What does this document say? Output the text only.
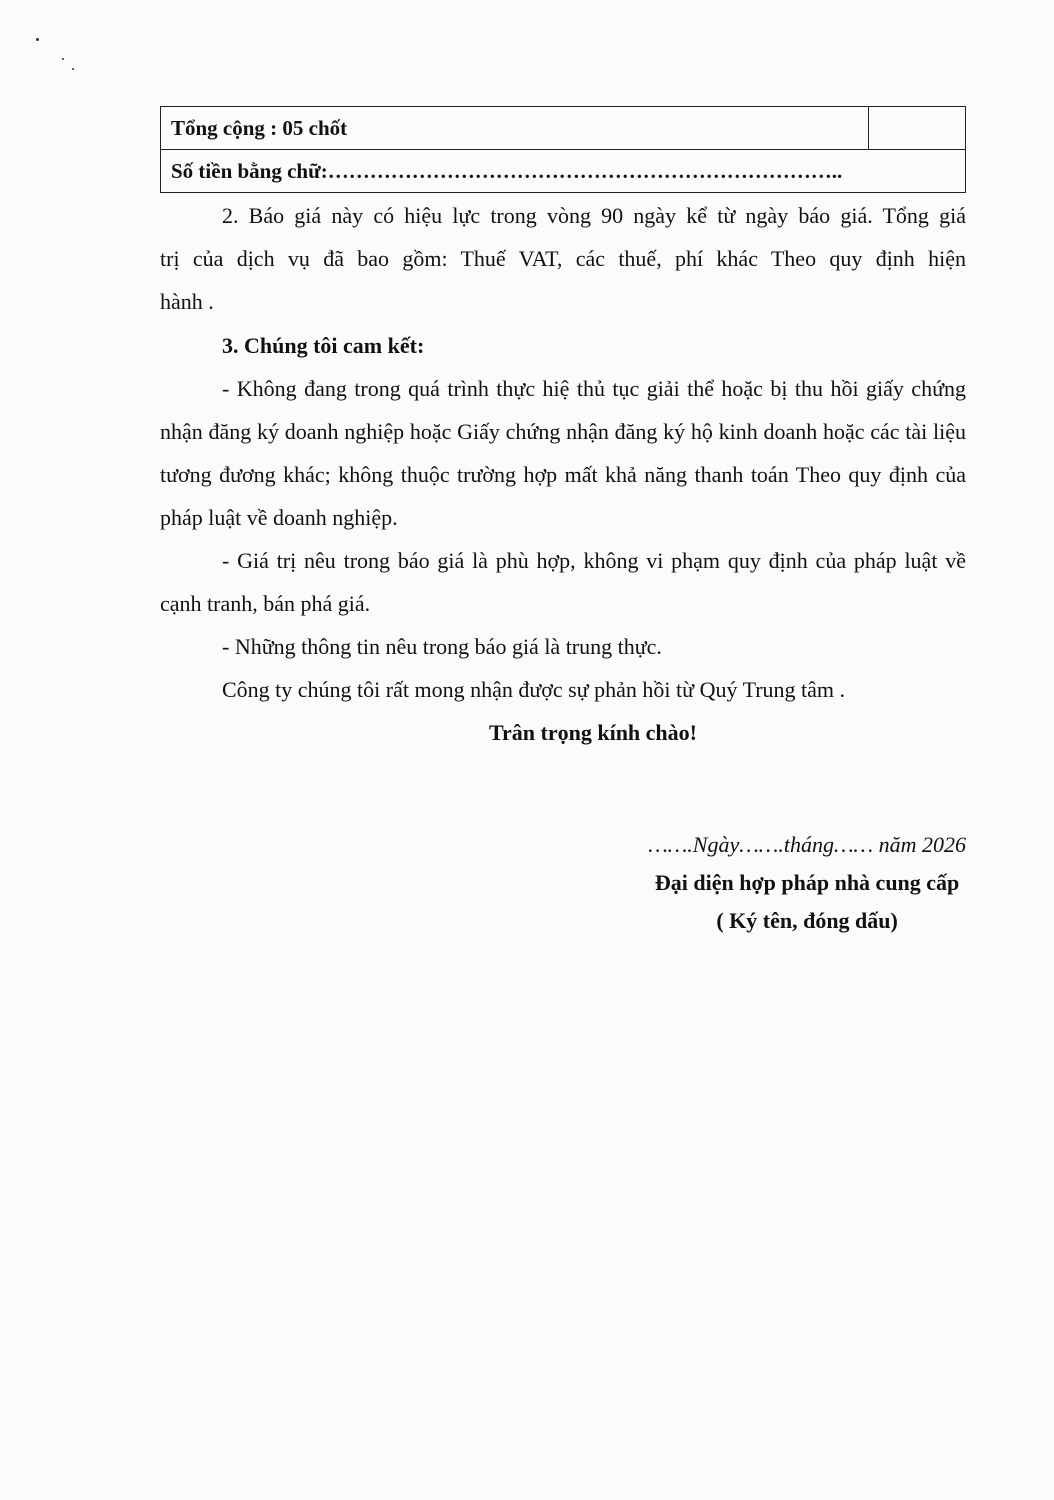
Tổng cộng : 05 chốt	
Số tiền bằng chữ:………………………………………………………………..

2. Báo giá này có hiệu lực trong vòng 90 ngày kể từ ngày báo giá. Tổng giá

trị của dịch vụ đã bao gồm: Thuế VAT, các thuế, phí khác Theo quy định hiện

hành .

3. Chúng tôi cam kết:

- Không đang trong quá trình thực hiệ thủ tục giải thể hoặc bị thu hồi giấy chứng nhận đăng ký doanh nghiệp hoặc Giấy chứng nhận đăng ký hộ kinh doanh hoặc các tài liệu tương đương khác; không thuộc trường hợp mất khả năng thanh toán Theo quy định của pháp luật về doanh nghiệp.

- Giá trị nêu trong báo giá là phù hợp, không vi phạm quy định của pháp luật về cạnh tranh, bán phá giá.

- Những thông tin nêu trong báo giá là trung thực.

Công ty chúng tôi rất mong nhận được sự phản hồi từ Quý Trung tâm .

Trân trọng kính chào!

…….Ngày…….tháng…… năm 2026
Đại diện hợp pháp nhà cung cấp
( Ký tên, đóng dấu)
